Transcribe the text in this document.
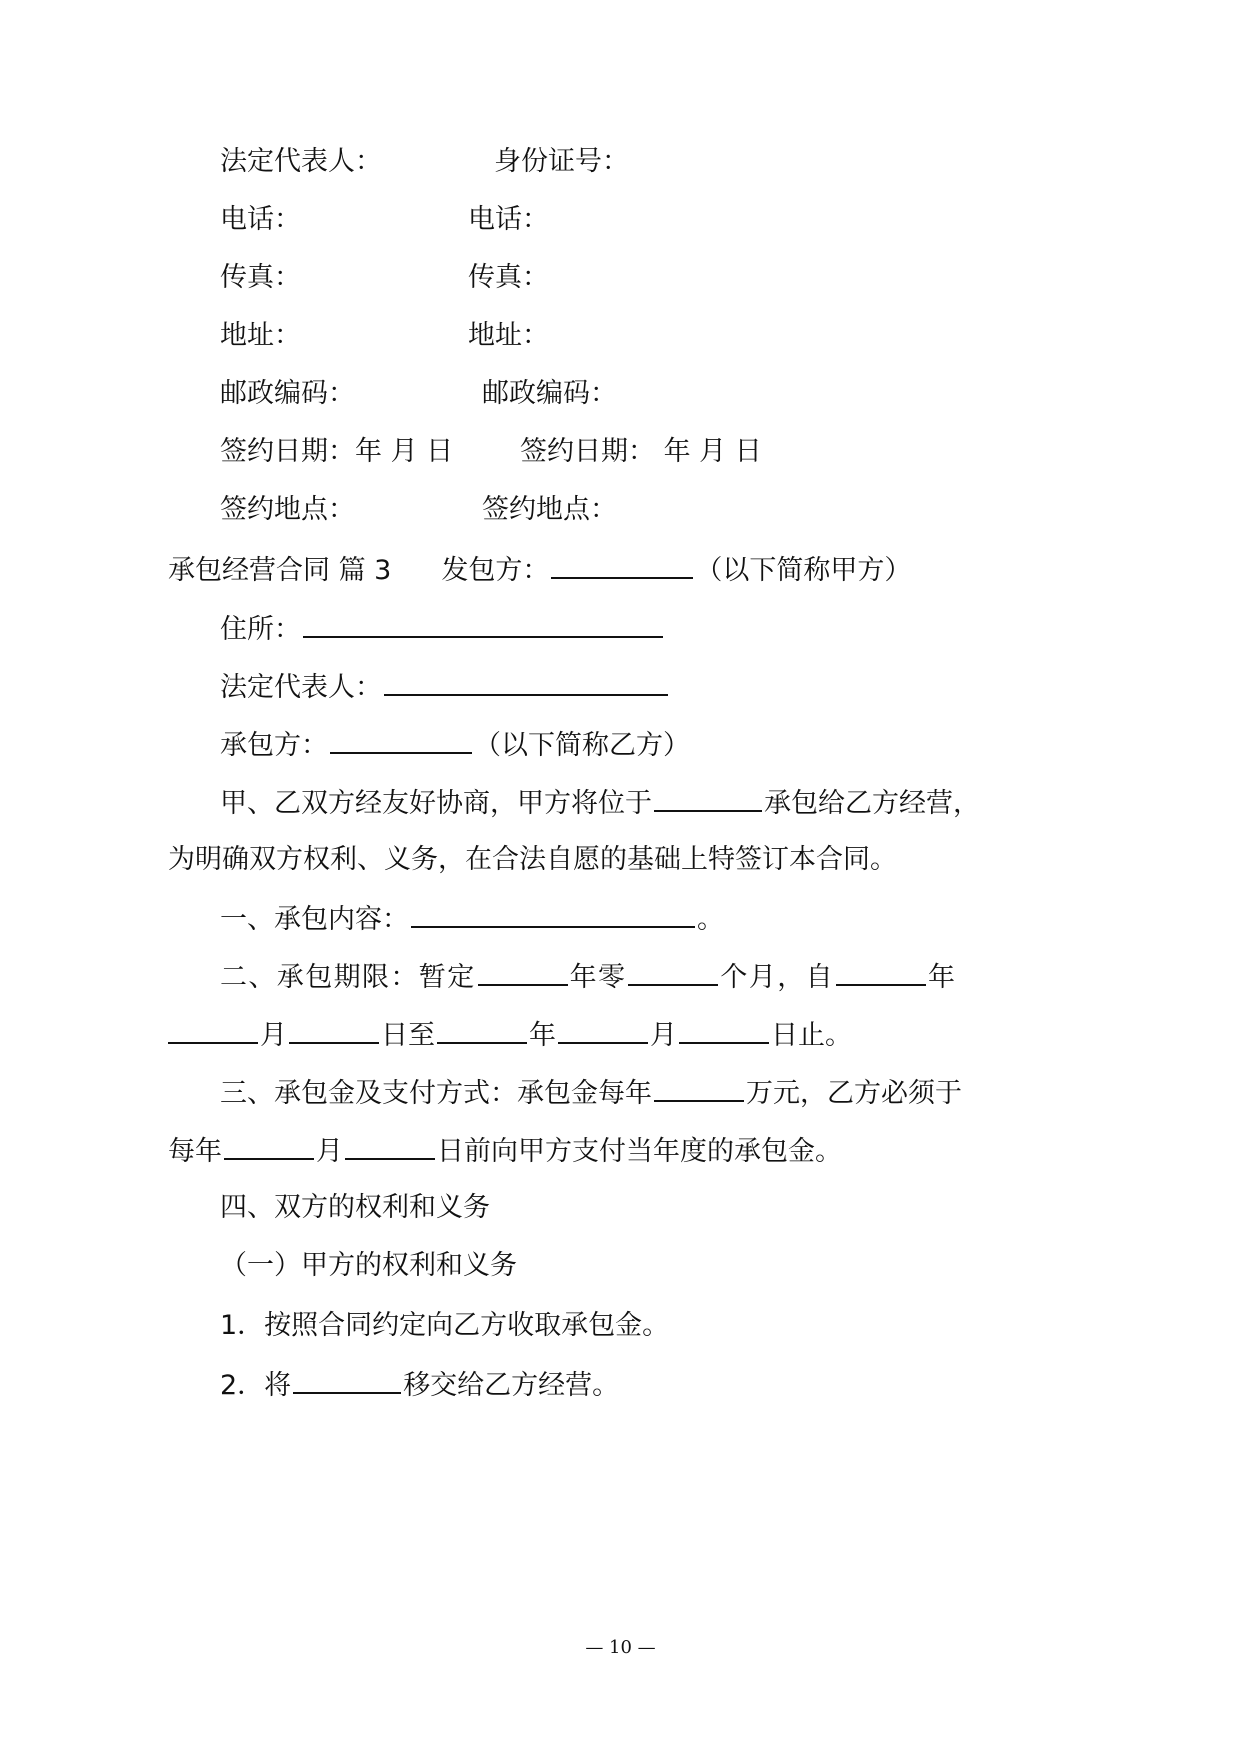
法定代表人：	身份证号：
电话：	电话：
传真：	传真：
地址：	地址：
邮政编码：	邮政编码：
签约日期：年 月 日 签约日期： 年 月 日
签约地点：	签约地点：
承包经营合同 篇 3 发包方：	（以下简称甲方）
住所：
法定代表人：
承包方：	（以下简称乙方）
甲、乙双方经友好协商，甲方将位于	承包给乙方经营，
为明确双方权利、义务，在合法自愿的基础上特签订本合同。
一、承包内容：	。
二、承包期限：暂定	年零	个月，自	年
月	日至	年	月	日止。
三、承包金及支付方式：承包金每年	万元，乙方必须于
每年	月	日前向甲方支付当年度的承包金。
四、双方的权利和义务
（一）甲方的权利和义务
1．按照合同约定向乙方收取承包金。
2．将	移交给乙方经营。
— 10 —
